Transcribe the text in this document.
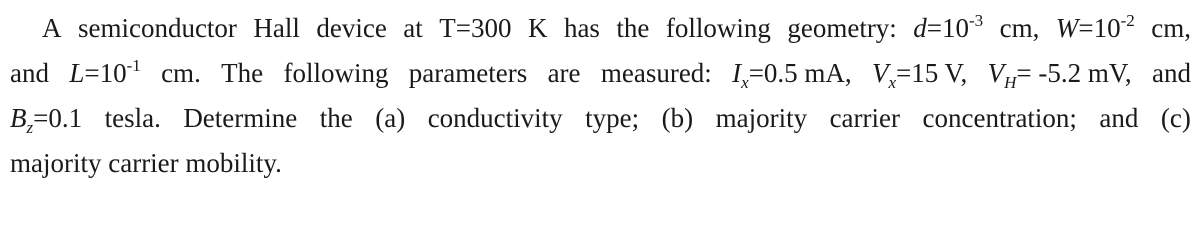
A semiconductor Hall device at T=300 K has the following geometry: $d=10^{-3}$ cm, $W=10^{-2}$ cm,
and $L=10^{-1}$ cm. The following parameters are measured: $I_x=0.5$ mA, $V_x=15$ V, $V_H= -5.2$ mV, and
$B_z=0.1$ tesla. Determine the (a) conductivity type; (b) majority carrier concentration; and (c)
majority carrier mobility.
